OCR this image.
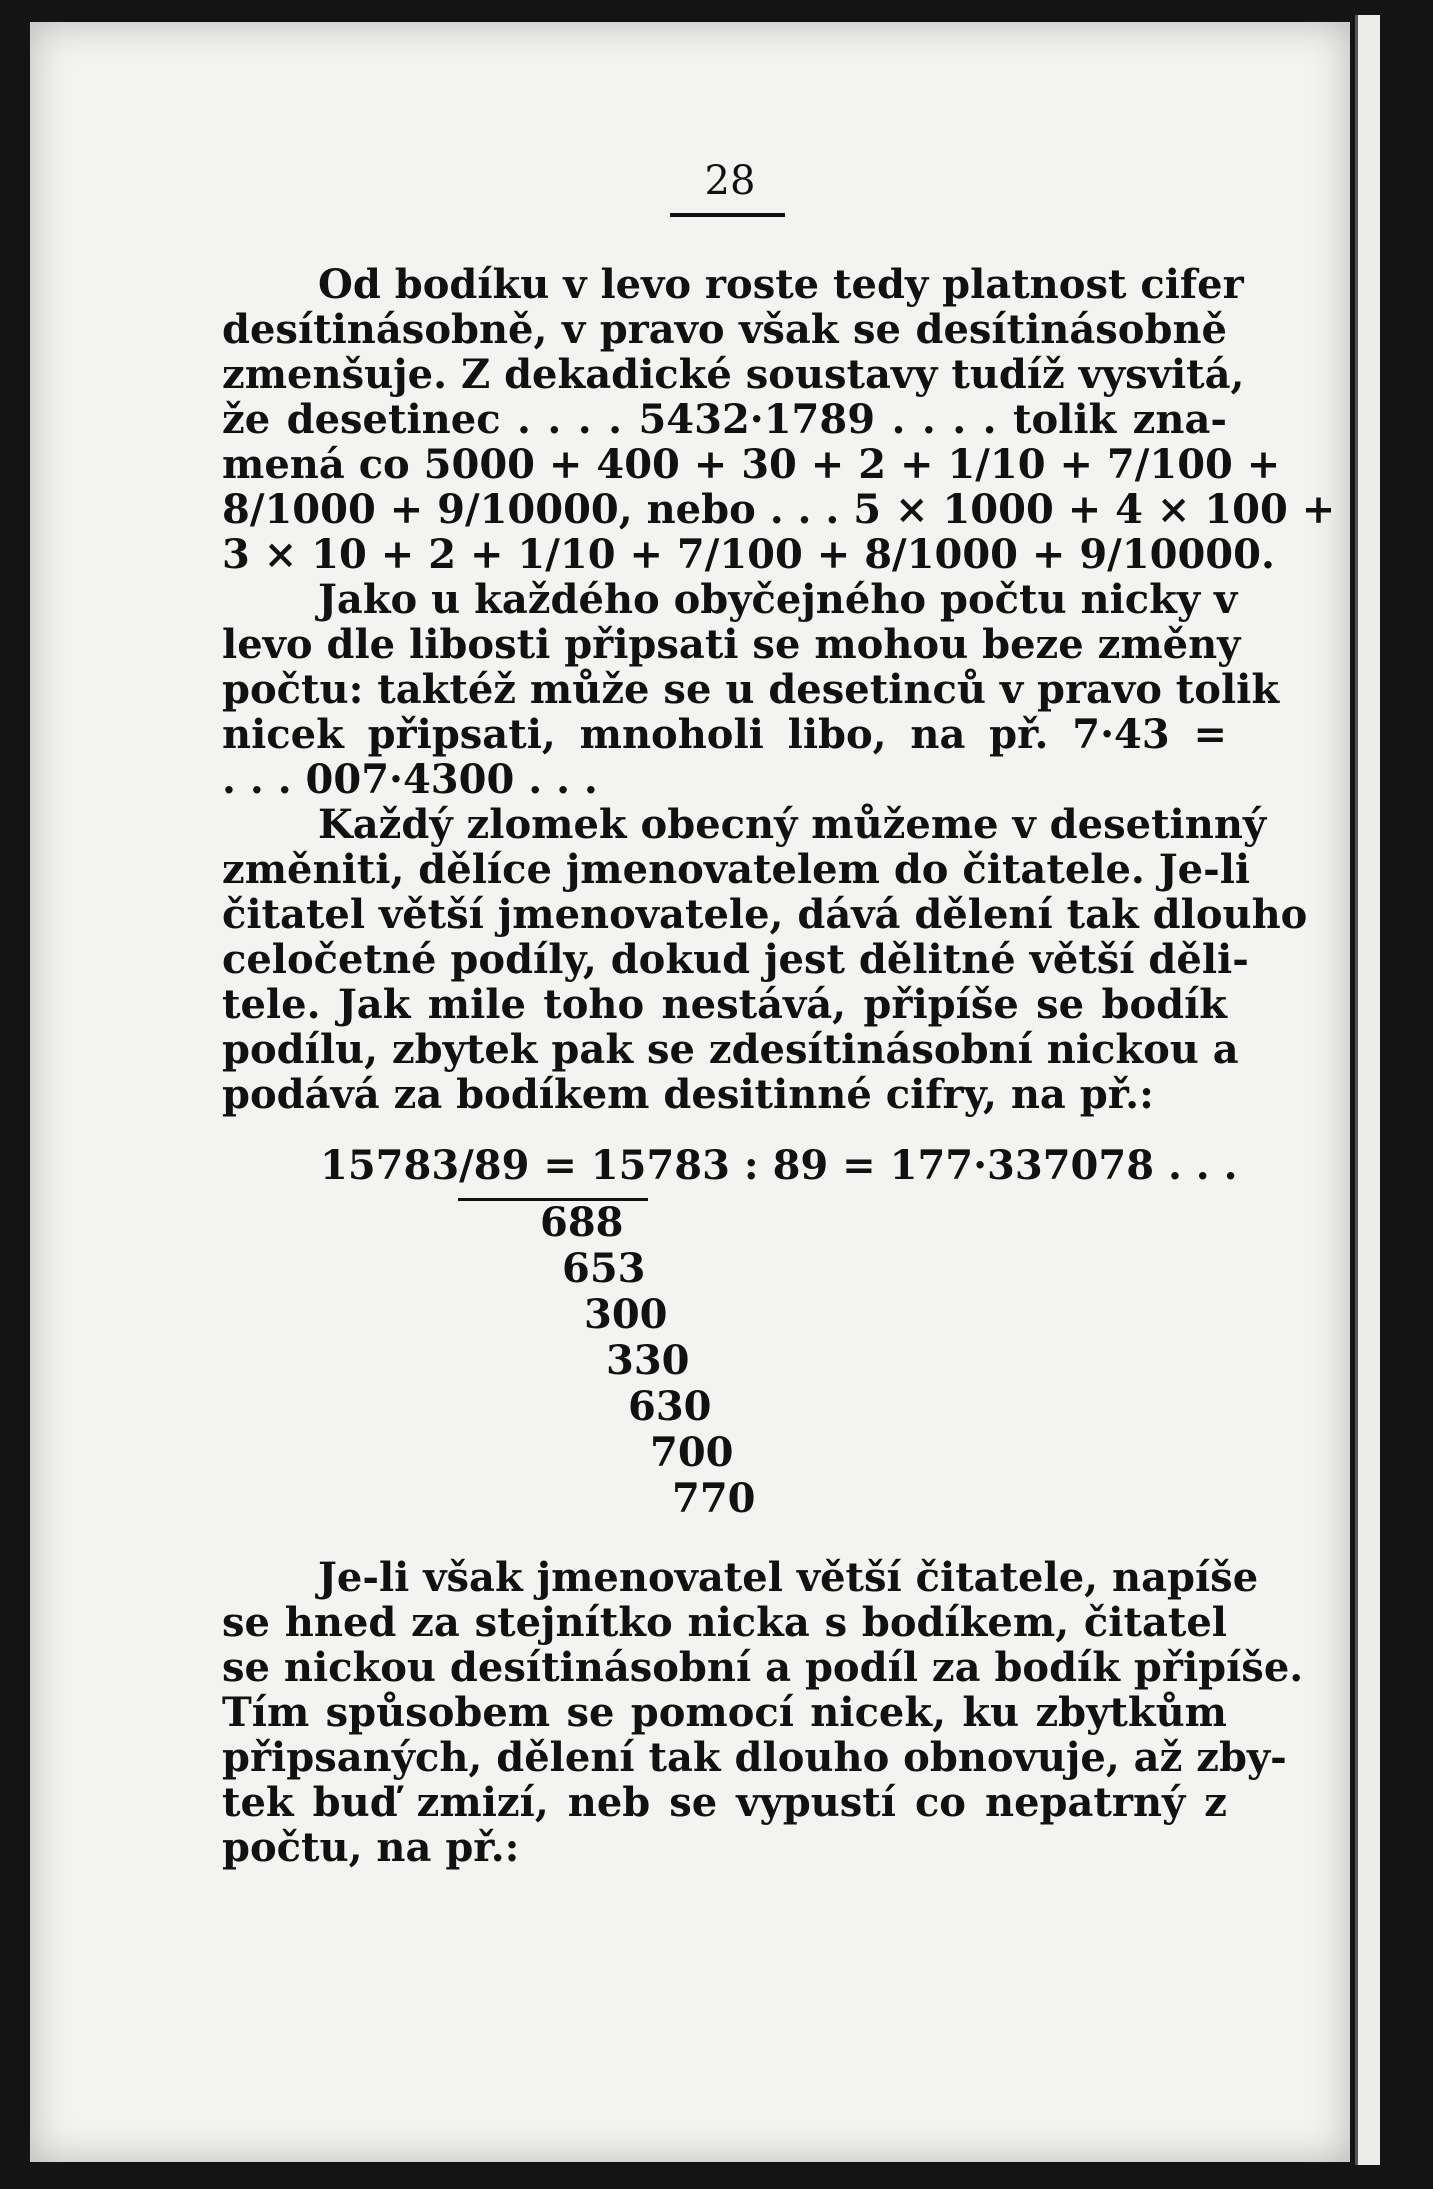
28
Od bodíku v levo roste tedy platnost cifer
desítinásobně, v pravo však se desítinásobně
zmenšuje. Z dekadické soustavy tudíž vysvitá,
že desetinec . . . . 5432·1789 . . . . tolik zna-
mená co 5000 + 400 + 30 + 2 + 1/10 + 7/100 +
8/1000 + 9/10000, nebo . . . 5 × 1000 + 4 × 100 +
3 × 10 + 2 + 1/10 + 7/100 + 8/1000 + 9/10000.
Jako u každého obyčejného počtu nicky v
levo dle libosti připsati se mohou beze změny
počtu: taktéž může se u desetinců v pravo tolik
nicek připsati, mnoholi libo, na př. 7·43 =
. . . 007·4300 . . .
Každý zlomek obecný můžeme v desetinný
změniti, dělíce jmenovatelem do čitatele. Je-li
čitatel větší jmenovatele, dává dělení tak dlouho
celočetné podíly, dokud jest dělitné větší děli-
tele. Jak mile toho nestává, připíše se bodík
podílu, zbytek pak se zdesítinásobní nickou a
podává za bodíkem desitinné cifry, na př.:
15783/89 = 15783 : 89 = 177·337078 . . .
688
653
300
330
630
700
770
Je-li však jmenovatel větší čitatele, napíše
se hned za stejnítko nicka s bodíkem, čitatel
se nickou desítinásobní a podíl za bodík připíše.
Tím spůsobem se pomocí nicek, ku zbytkům
připsaných, dělení tak dlouho obnovuje, až zby-
tek buď zmizí, neb se vypustí co nepatrný z
počtu, na př.:
